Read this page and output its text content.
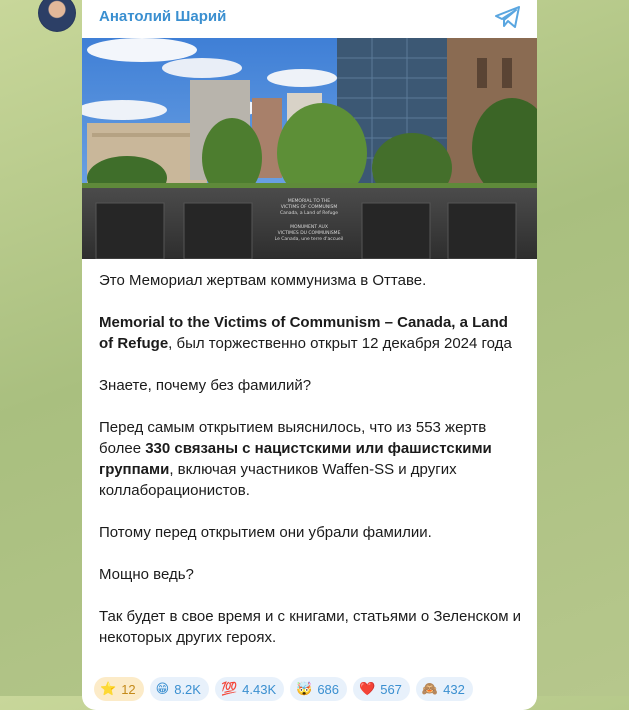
Анатолий Шарий
MEMORIAL TO THE
VICTIMS OF COMMUNISM
Canada, a Land of Refuge
MONUMENT AUX
VICTIMES DU COMMUNISME
Le Canada, une terre d'accueil

Это Мемориал жертвам коммунизма в Оттаве.

Memorial to the Victims of Communism – Canada, a Land of Refuge, был торжественно открыт 12 декабря 2024 года

Знаете, почему без фамилий?

Перед самым открытием выяснилось, что из 553 жертв более 330 связаны с нацистскими или фашистскими группами, включая участников Waffen-SS и других коллаборационистов.

Потому перед открытием они убрали фамилии.

Мощно ведь?

Так будет в свое время и с книгами, статьями о Зеленском и некоторых других героях.

⭐ 12 😁 8.2K 💯 4.43K 🤯 686 ❤️ 567 🙈 432
